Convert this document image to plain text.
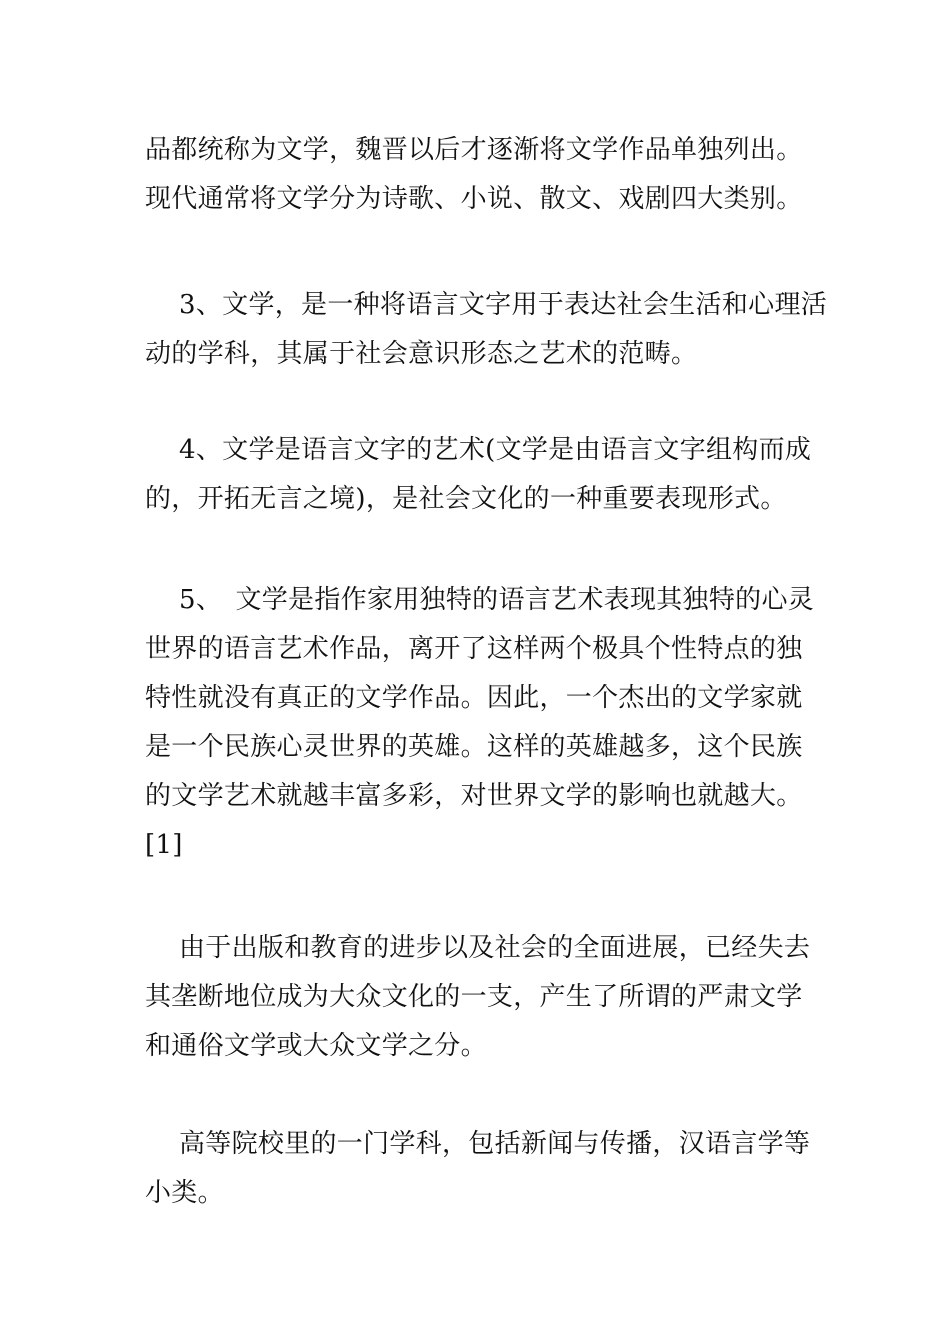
品都统称为文学，魏晋以后才逐渐将文学作品单独列出。
现代通常将文学分为诗歌、小说、散文、戏剧四大类别。
3、文学，是一种将语言文字用于表达社会生活和心理活
动的学科，其属于社会意识形态之艺术的范畴。
4、文学是语言文字的艺术(文学是由语言文字组构而成
的，开拓无言之境)，是社会文化的一种重要表现形式。
5、　文学是指作家用独特的语言艺术表现其独特的心灵
世界的语言艺术作品，离开了这样两个极具个性特点的独
特性就没有真正的文学作品。因此，一个杰出的文学家就
是一个民族心灵世界的英雄。这样的英雄越多，这个民族
的文学艺术就越丰富多彩，对世界文学的影响也就越大。
[1]
由于出版和教育的进步以及社会的全面进展，已经失去
其垄断地位成为大众文化的一支，产生了所谓的严肃文学
和通俗文学或大众文学之分。
高等院校里的一门学科，包括新闻与传播，汉语言学等
小类。
